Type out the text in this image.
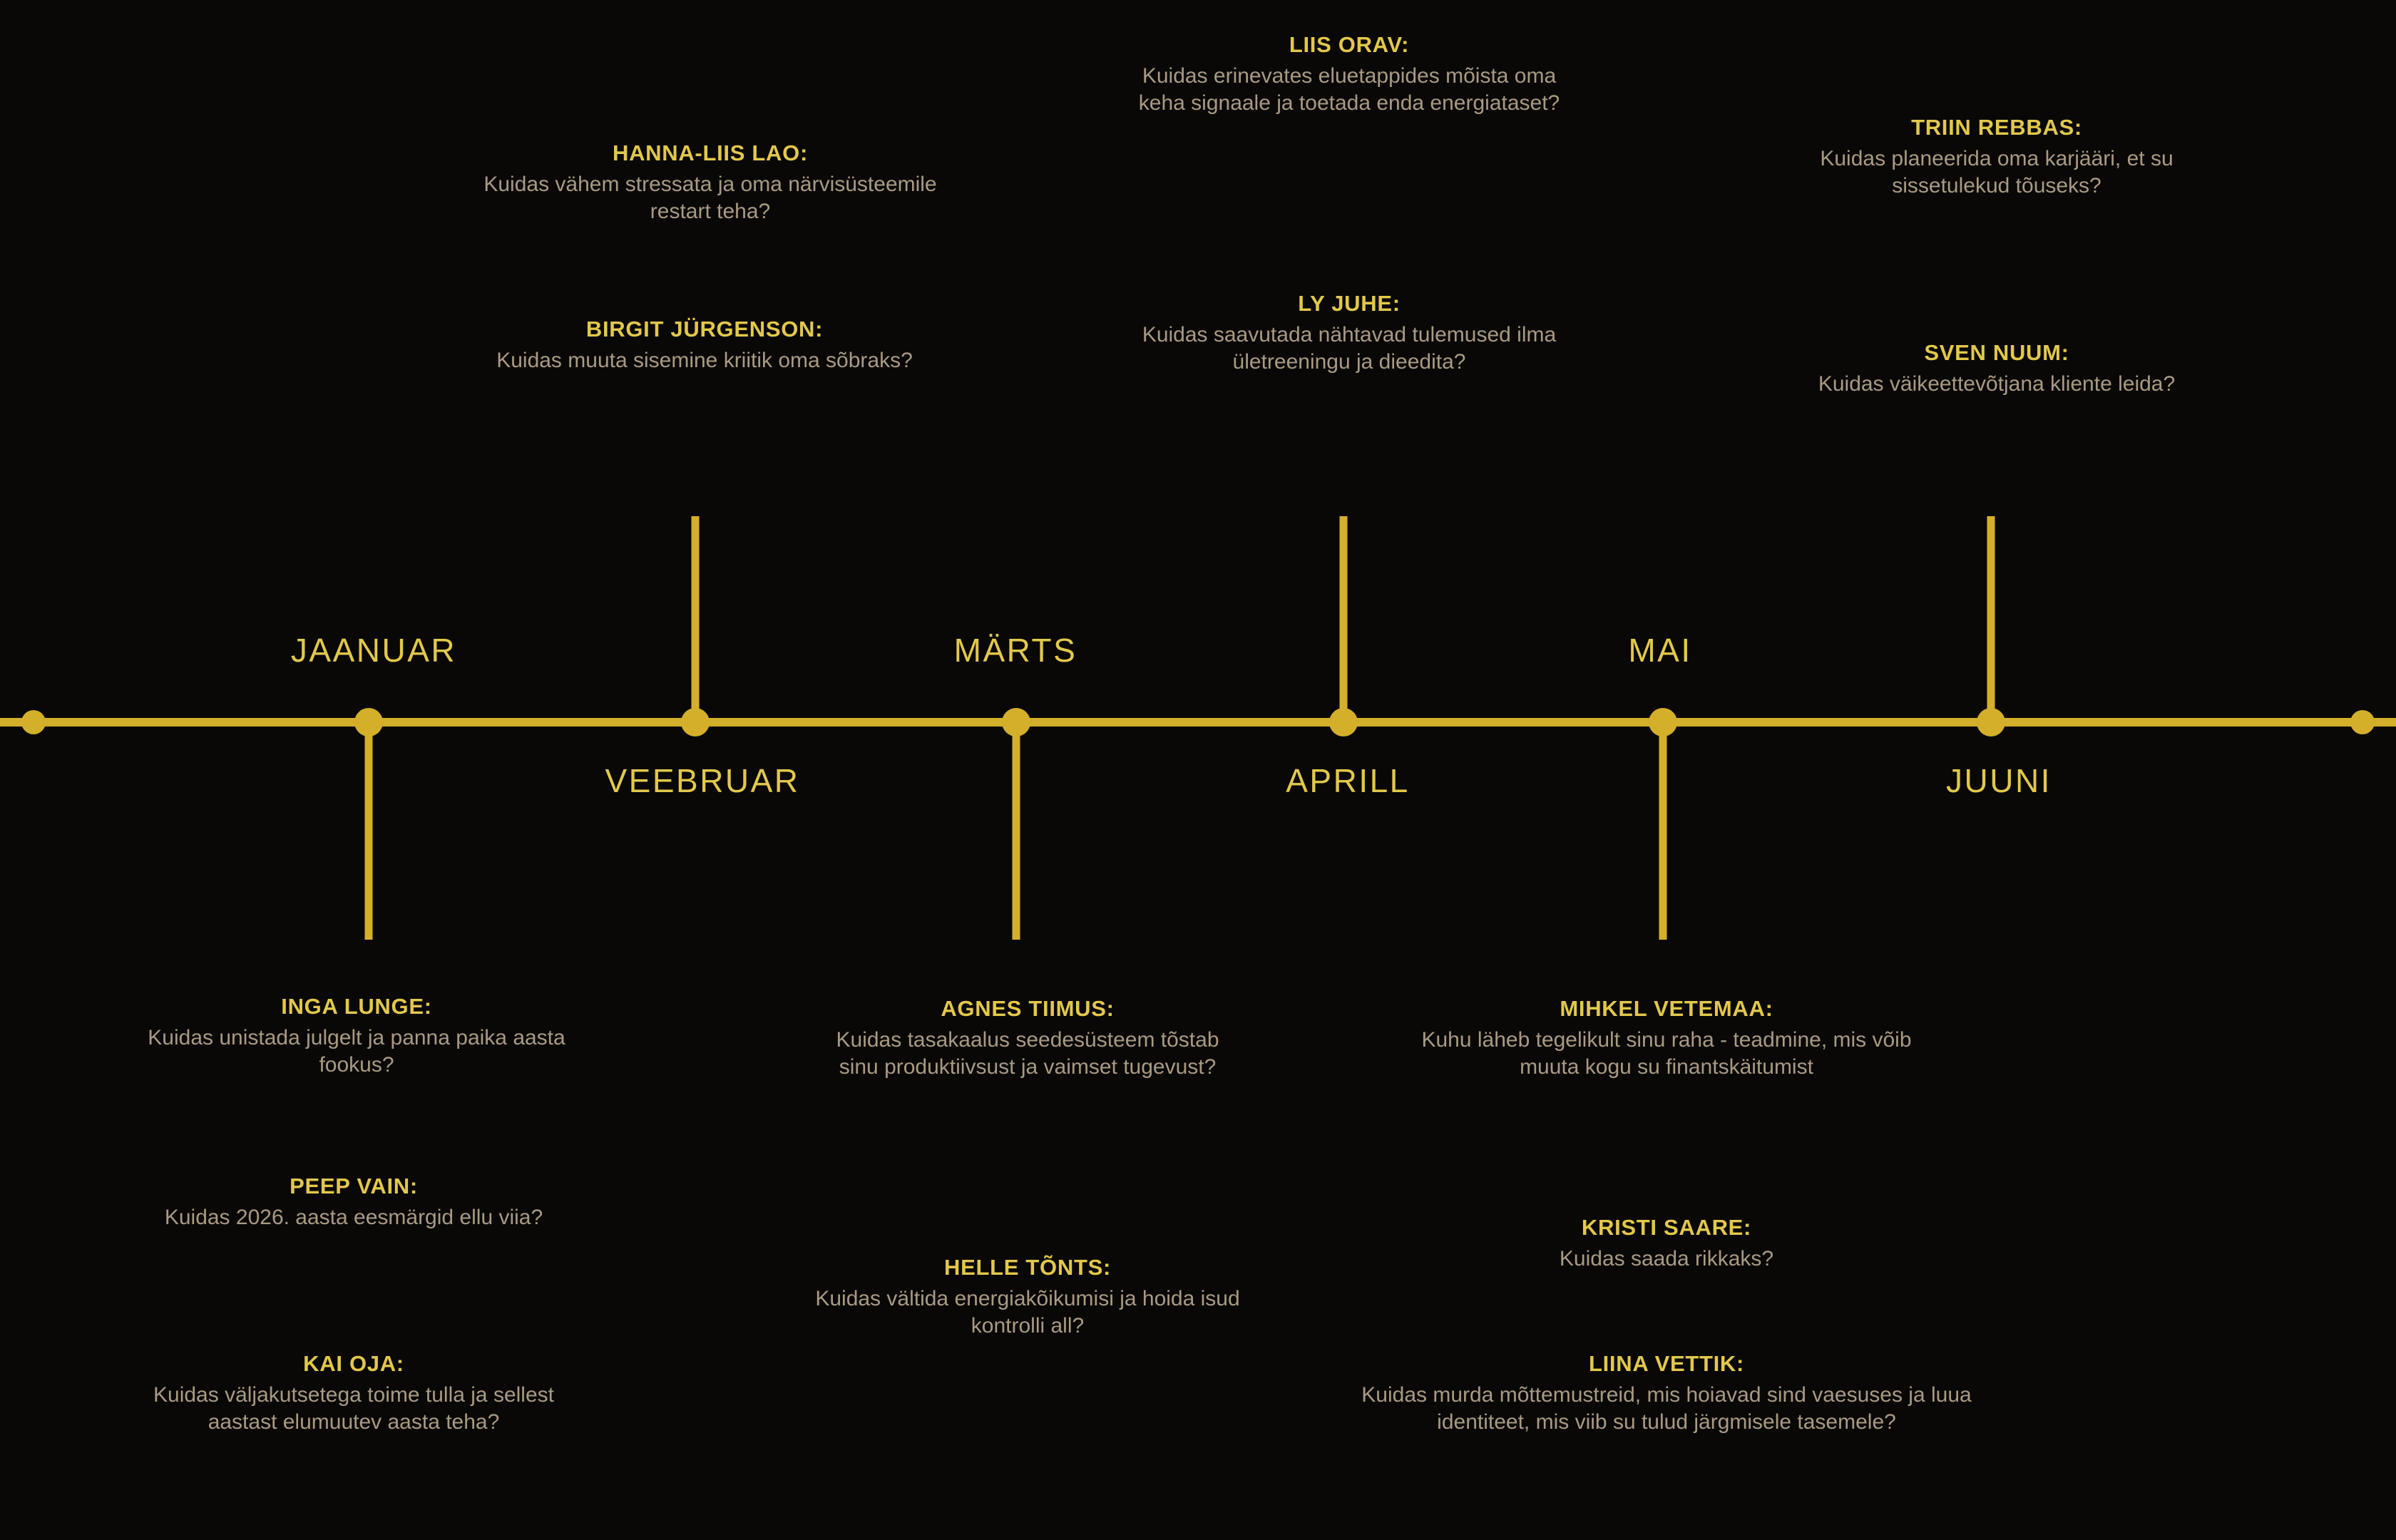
JAANUAR
VEEBRUAR
MÄRTS
APRILL
MAI
JUUNI
HANNA-LIIS LAO:
Kuidas vähem stressata ja oma närvisüsteemile restart teha?
BIRGIT JÜRGENSON:
Kuidas muuta sisemine kriitik oma sõbraks?
LIIS ORAV:
Kuidas erinevates eluetappides mõista oma keha signaale ja toetada enda energiataset?
LY JUHE:
Kuidas saavutada nähtavad tulemused ilma ületreeningu ja dieedita?
TRIIN REBBAS:
Kuidas planeerida oma karjääri, et su sissetulekud tõuseks?
SVEN NUUM:
Kuidas väikeettevõtjana kliente leida?
INGA LUNGE:
Kuidas unistada julgelt ja panna paika aasta fookus?
PEEP VAIN:
Kuidas 2026. aasta eesmärgid ellu viia?
KAI OJA:
Kuidas väljakutsetega toime tulla ja sellest aastast elumuutev aasta teha?
AGNES TIIMUS:
Kuidas tasakaalus seedesüsteem tõstab sinu produktiivsust ja vaimset tugevust?
HELLE TÕNTS:
Kuidas vältida energiakõikumisi ja hoida isud kontrolli all?
MIHKEL VETEMAA:
Kuhu läheb tegelikult sinu raha - teadmine, mis võib muuta kogu su finantskäitumist
KRISTI SAARE:
Kuidas saada rikkaks?
LIINA VETTIK:
Kuidas murda mõttemustreid, mis hoiavad sind vaesuses ja luua identiteet, mis viib su tulud järgmisele tasemele?
